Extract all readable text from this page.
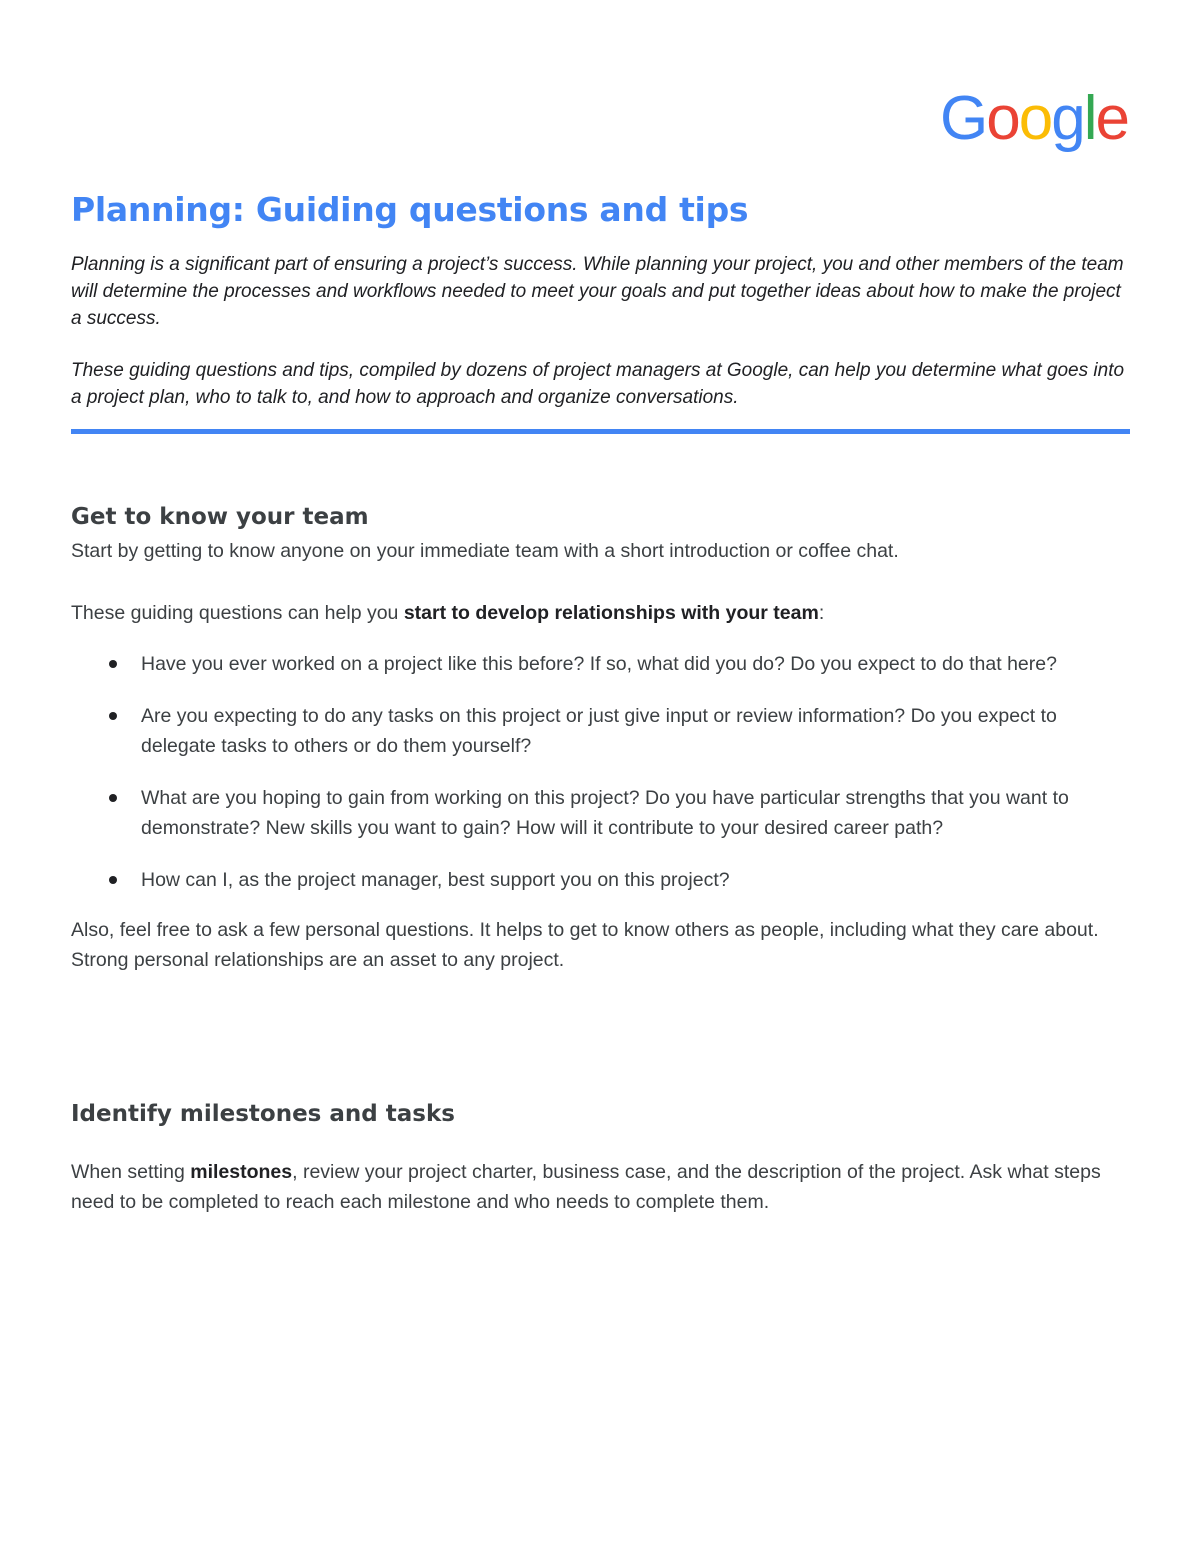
Google
Planning: Guiding questions and tips

Planning is a significant part of ensuring a project’s success. While planning your project, you and other members of the team will determine the processes and workflows needed to meet your goals and put together ideas about how to make the project a success.

These guiding questions and tips, compiled by dozens of project managers at Google, can help you determine what goes into a project plan, who to talk to, and how to approach and organize conversations.

Get to know your team

Start by getting to know anyone on your immediate team with a short introduction or coffee chat.

These guiding questions can help you start to develop relationships with your team:

Have you ever worked on a project like this before? If so, what did you do? Do you expect to do that here?
Are you expecting to do any tasks on this project or just give input or review information? Do you expect to delegate tasks to others or do them yourself?
What are you hoping to gain from working on this project? Do you have particular strengths that you want to demonstrate? New skills you want to gain? How will it contribute to your desired career path?
How can I, as the project manager, best support you on this project?

Also, feel free to ask a few personal questions. It helps to get to know others as people, including what they care about. Strong personal relationships are an asset to any project.

Identify milestones and tasks

When setting milestones, review your project charter, business case, and the description of the project. Ask what steps need to be completed to reach each milestone and who needs to complete them.
